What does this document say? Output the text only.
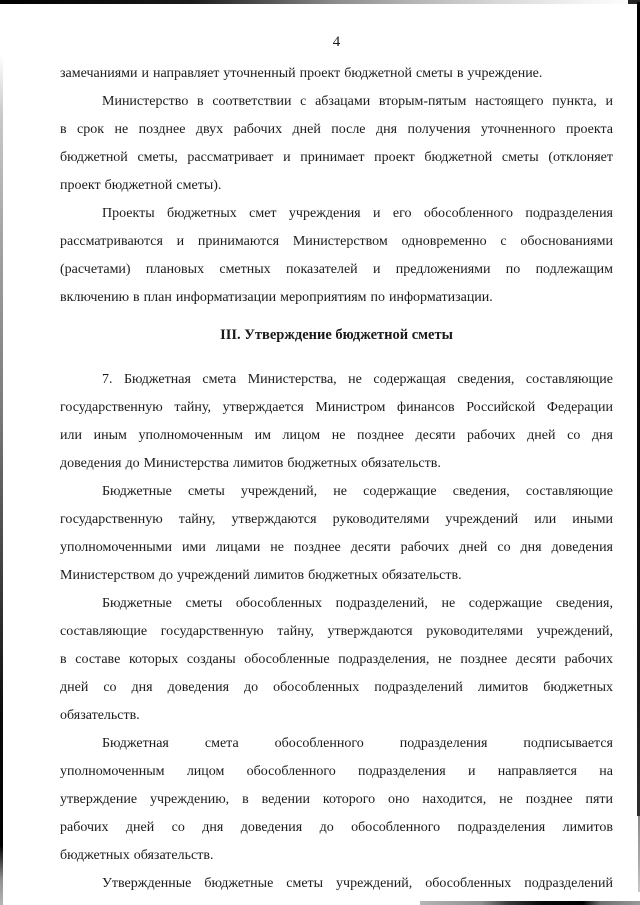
4
замечаниями и направляет уточненный проект бюджетной сметы в учреждение.
Министерство в соответствии с абзацами вторым-пятым настоящего пункта, и
в срок не позднее двух рабочих дней после дня получения уточненного проекта
бюджетной сметы, рассматривает и принимает проект бюджетной сметы (отклоняет
проект бюджетной сметы).
Проекты бюджетных смет учреждения и его обособленного подразделения
рассматриваются и принимаются Министерством одновременно с обоснованиями
(расчетами) плановых сметных показателей и предложениями по подлежащим
включению в план информатизации мероприятиям по информатизации.
III. Утверждение бюджетной сметы
7. Бюджетная смета Министерства, не содержащая сведения, составляющие
государственную тайну, утверждается Министром финансов Российской Федерации
или иным уполномоченным им лицом не позднее десяти рабочих дней со дня
доведения до Министерства лимитов бюджетных обязательств.
Бюджетные сметы учреждений, не содержащие сведения, составляющие
государственную тайну, утверждаются руководителями учреждений или иными
уполномоченными ими лицами не позднее десяти рабочих дней со дня доведения
Министерством до учреждений лимитов бюджетных обязательств.
Бюджетные сметы обособленных подразделений, не содержащие сведения,
составляющие государственную тайну, утверждаются руководителями учреждений,
в составе которых созданы обособленные подразделения, не позднее десяти рабочих
дней со дня доведения до обособленных подразделений лимитов бюджетных
обязательств.
Бюджетная смета обособленного подразделения подписывается
уполномоченным лицом обособленного подразделения и направляется на
утверждение учреждению, в ведении которого оно находится, не позднее пяти
рабочих дней со дня доведения до обособленного подразделения лимитов
бюджетных обязательств.
Утвержденные бюджетные сметы учреждений, обособленных подразделений
